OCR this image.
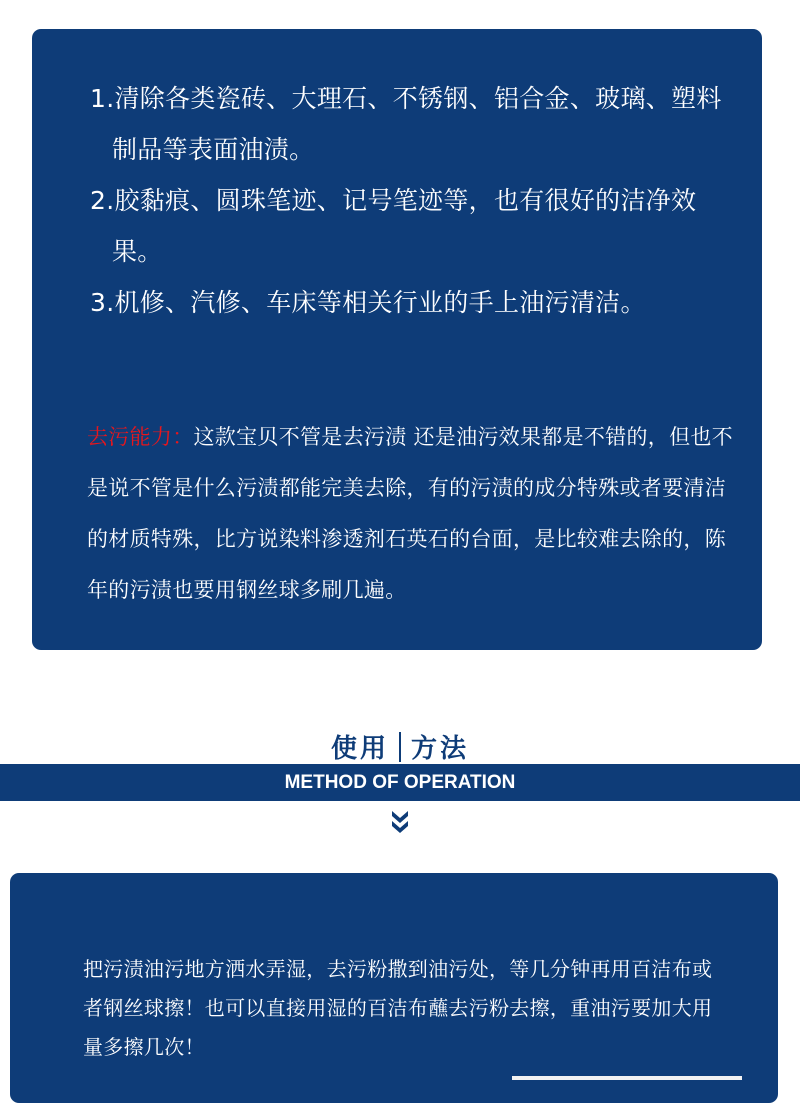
1.清除各类瓷砖、大理石、不锈钢、铝合金、玻璃、塑料制品等表面油渍。
2.胶黏痕、圆珠笔迹、记号笔迹等，也有很好的洁净效果。
3.机修、汽修、车床等相关行业的手上油污清洁。

去污能力：这款宝贝不管是去污渍 还是油污效果都是不错的，但也不是说不管是什么污渍都能完美去除，有的污渍的成分特殊或者要清洁的材质特殊，比方说染料渗透剂石英石的台面，是比较难去除的，陈年的污渍也要用钢丝球多刷几遍。

使用 方法
METHOD OF OPERATION

把污渍油污地方洒水弄湿，去污粉撒到油污处，等几分钟再用百洁布或者钢丝球擦！也可以直接用湿的百洁布蘸去污粉去擦，重油污要加大用量多擦几次！
